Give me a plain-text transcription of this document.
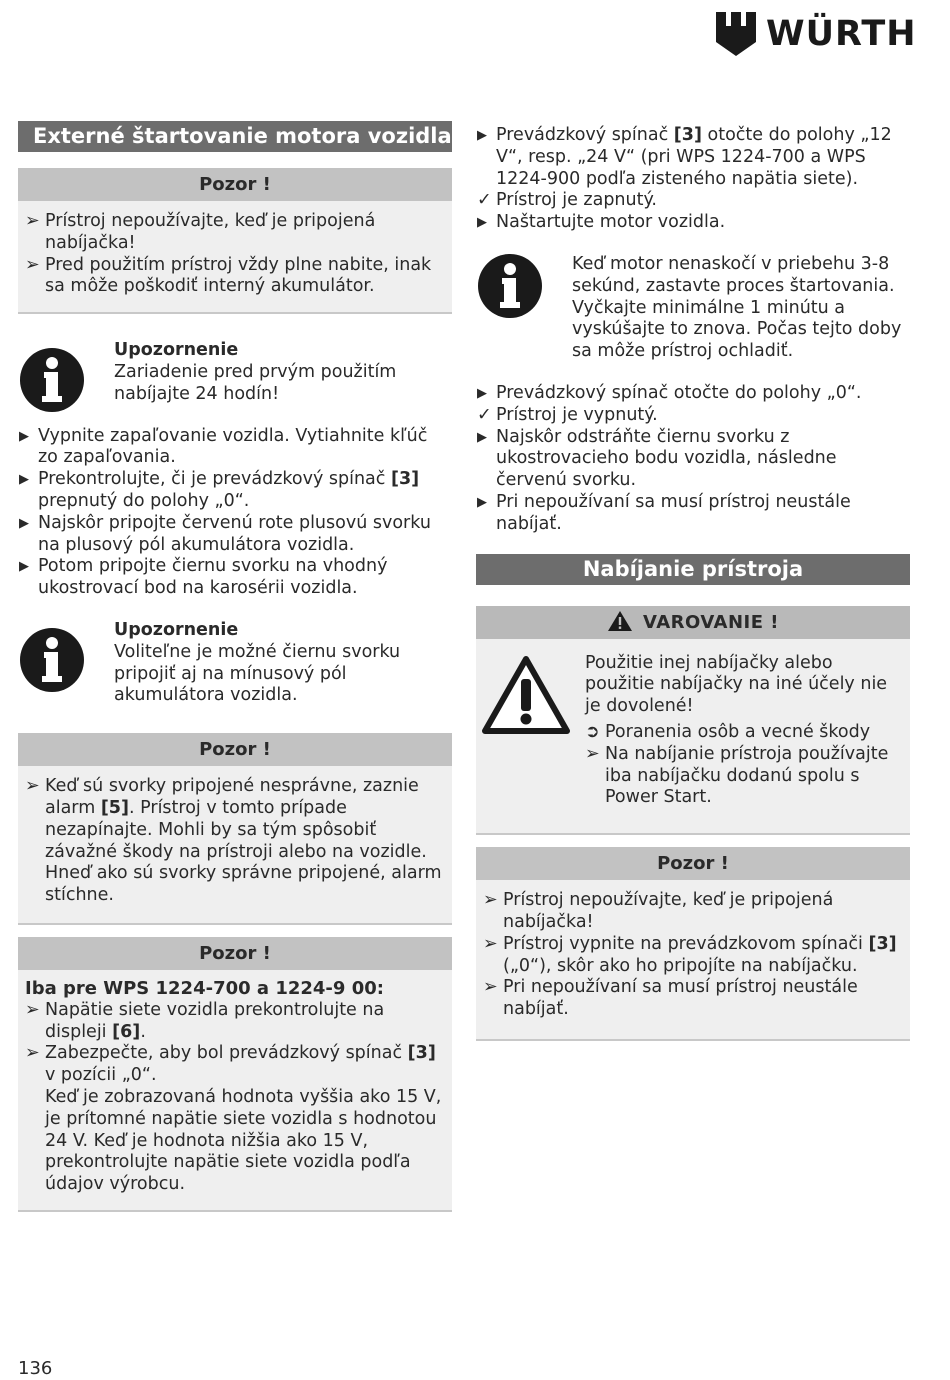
WÜRTH
Externé štartovanie motora vozidla
Pozor !
➢ Prístroj nepoužívajte, keď je pripojená nabíjačka!
➢ Pred použitím prístroj vždy plne nabite, inak sa môže poškodiť interný akumulátor.
Upozornenie
Zariadenie pred prvým použitím nabíjajte 24 hodín!
▶ Vypnite zapaľovanie vozidla. Vytiahnite kľúč zo zapaľovania.
▶ Prekontrolujte, či je prevádzkový spínač [3] prepnutý do polohy „0“.
▶ Najskôr pripojte červenú rote plusovú svorku na plusový pól akumulátora vozidla.
▶ Potom pripojte čiernu svorku na vhodný ukostrovací bod na karosérii vozidla.
Upozornenie
Voliteľne je možné čiernu svorku pripojiť aj na mínusový pól akumulátora vozidla.
Pozor !
➢ Keď sú svorky pripojené nesprávne, zaznie alarm [5]. Prístroj v tomto prípade nezapínajte. Mohli by sa tým spôsobiť závažné škody na prístroji alebo na vozidle. Hneď ako sú svorky správne pripojené, alarm stíchne.
Pozor !
Iba pre WPS 1224-700 a 1224-9 00:
➢ Napätie siete vozidla prekontrolujte na displeji [6].
➢ Zabezpečte, aby bol prevádzkový spínač [3] v pozícii „0“.
Keď je zobrazovaná hodnota vyššia ako 15 V, je prítomné napätie siete vozidla s hodnotou 24 V. Keď je hodnota nižšia ako 15 V, prekontrolujte napätie siete vozidla podľa údajov výrobcu.
▶ Prevádzkový spínač [3] otočte do polohy „12 V“, resp. „24 V“ (pri WPS 1224-700 a WPS 1224-900 podľa zisteného napätia siete).
✓ Prístroj je zapnutý.
▶ Naštartujte motor vozidla.
Keď motor nenaskočí v priebehu 3-8 sekúnd, zastavte proces štartovania. Vyčkajte minimálne 1 minútu a vyskúšajte to znova. Počas tejto doby sa môže prístroj ochladiť.
▶ Prevádzkový spínač otočte do polohy „0“.
✓ Prístroj je vypnutý.
▶ Najskôr odstráňte čiernu svorku z ukostrovacieho bodu vozidla, následne červenú svorku.
▶ Pri nepoužívaní sa musí prístroj neustále nabíjať.
Nabíjanie prístroja
VAROVANIE !
Použitie inej nabíjačky alebo použitie nabíjačky na iné účely nie je dovolené!
➲ Poranenia osôb a vecné škody
➢ Na nabíjanie prístroja používajte iba nabíjačku dodanú spolu s Power Start.
Pozor !
➢ Prístroj nepoužívajte, keď je pripojená nabíjačka!
➢ Prístroj vypnite na prevádzkovom spínači [3] („0“), skôr ako ho pripojíte na nabíjačku.
➢ Pri nepoužívaní sa musí prístroj neustále nabíjať.
136
